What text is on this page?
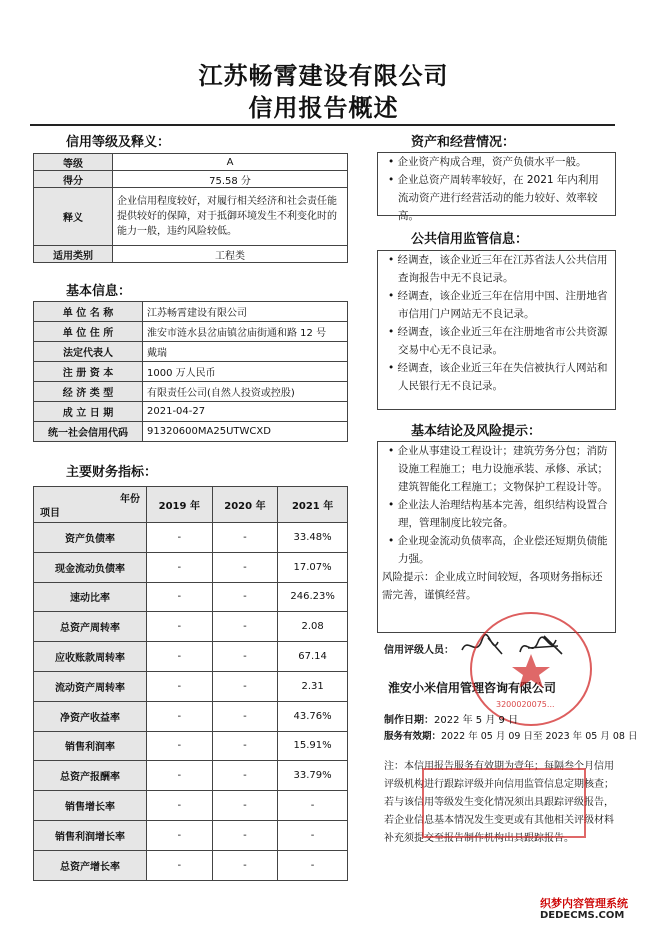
江苏畅霄建设有限公司
信用报告概述
信用等级及释义：
等级	A
得分	75.58 分
释义	企业信用程度较好，对履行相关经济和社会责任能提供较好的保障，对于抵御环境发生不利变化时的能力一般，违约风险较低。
适用类别	工程类
基本信息：
单 位 名 称	江苏畅霄建设有限公司
单 位 住 所	淮安市涟水县岔庙镇岔庙街通和路 12 号
法定代表人	戴瑞
注 册 资 本	1000 万人民币
经 济 类 型	有限责任公司(自然人投资或控股)
成 立 日 期	2021-04-27
统一社会信用代码	91320600MA25UTWCXD
主要财务指标：
年份
项目	2019 年	2020 年	2021 年
资产负债率	-	-	33.48%
现金流动负债率	-	-	17.07%
速动比率	-	-	246.23%
总资产周转率	-	-	2.08
应收账款周转率	-	-	67.14
流动资产周转率	-	-	2.31
净资产收益率	-	-	43.76%
销售利润率	-	-	15.91%
总资产报酬率	-	-	33.79%
销售增长率	-	-	-
销售利润增长率	-	-	-
总资产增长率	-	-	-
资产和经营情况：
• 企业资产构成合理，资产负债水平一般。
• 企业总资产周转率较好，在 2021 年内利用流动资产进行经营活动的能力较好、效率较高。
公共信用监管信息：
• 经调查，该企业近三年在江苏省法人公共信用查询报告中无不良记录。
• 经调查，该企业近三年在信用中国、注册地省市信用门户网站无不良记录。
• 经调查，该企业近三年在注册地省市公共资源交易中心无不良记录。
• 经调查，该企业近三年在失信被执行人网站和人民银行无不良记录。
基本结论及风险提示：
• 企业从事建设工程设计；建筑劳务分包；消防设施工程施工；电力设施承装、承修、承试；建筑智能化工程施工；文物保护工程设计等。
• 企业法人治理结构基本完善，组织结构设置合理，管理制度比较完备。
• 企业现金流动负债率高，企业偿还短期负债能力强。
风险提示：企业成立时间较短，各项财务指标还需完善，谨慎经营。
信用评级人员：
淮安小米信用管理咨询有限公司
3200020075...
制作日期：2022 年 5 月 9 日
服务有效期：2022 年 05 月 09 日至 2023 年 05 月 08 日
注：本信用报告服务有效期为壹年；每隔叁个月信用评级机构进行跟踪评级并向信用监管信息定期核查；若与该信用等级发生变化情况须出具跟踪评级报告，若企业信息基本情况发生变更或有其他相关评级材料补充须提交至报告制作机构出具跟踪报告。
织梦内容管理系统
DEDECMS.COM
